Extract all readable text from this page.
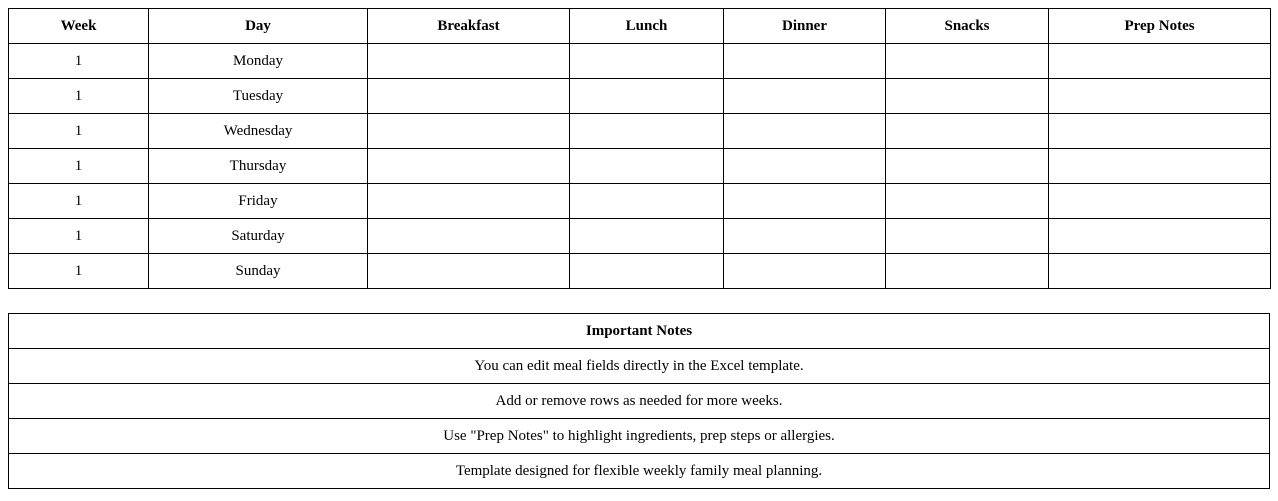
Week	Day	Breakfast	Lunch	Dinner	Snacks	Prep Notes
1	Monday					
1	Tuesday					
1	Wednesday					
1	Thursday					
1	Friday					
1	Saturday					
1	Sunday					
Important Notes
You can edit meal fields directly in the Excel template.
Add or remove rows as needed for more weeks.
Use "Prep Notes" to highlight ingredients, prep steps or allergies.
Template designed for flexible weekly family meal planning.
